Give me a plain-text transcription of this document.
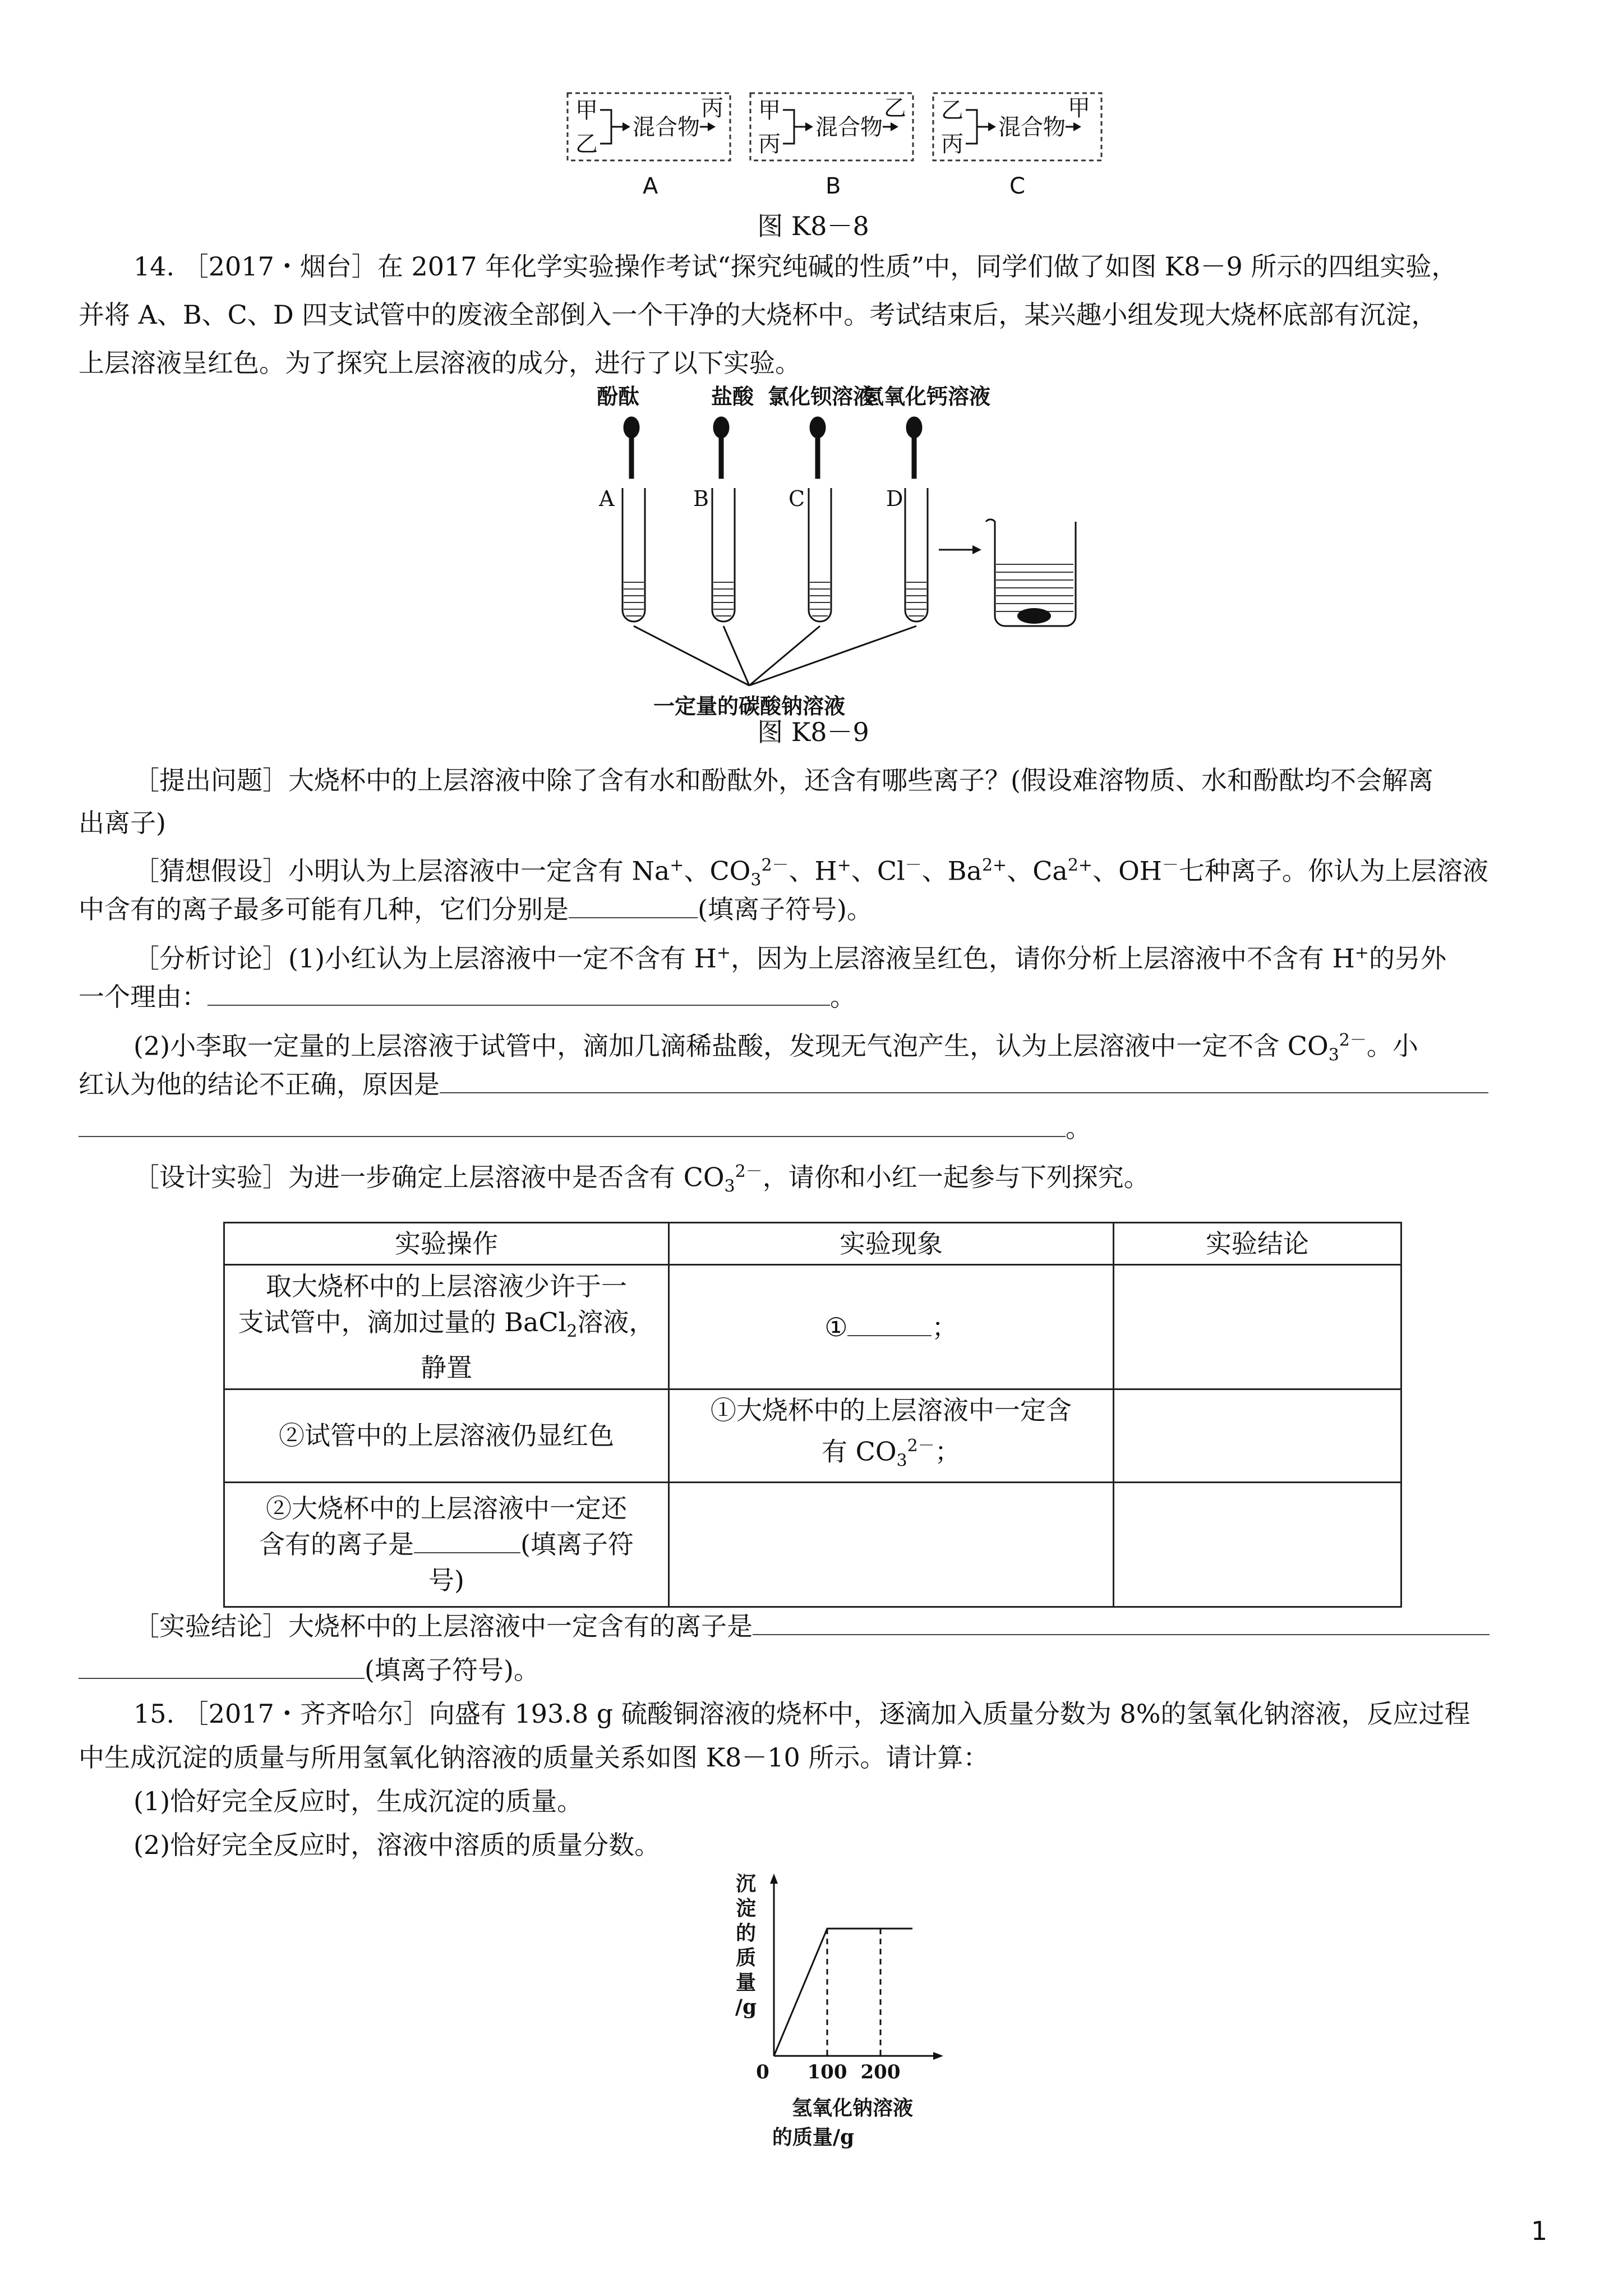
甲
乙
混合物
丙
A
甲
丙
混合物
乙
B
乙
丙
混合物
甲
C
图 K8－8
14. ［2017・烟台］在 2017 年化学实验操作考试“探究纯碱的性质”中，同学们做了如图 K8－9 所示的四组实验，
并将 A、B、C、D 四支试管中的废液全部倒入一个干净的大烧杯中。考试结束后，某兴趣小组发现大烧杯底部有沉淀，
上层溶液呈红色。为了探究上层溶液的成分，进行了以下实验。
酚酞	盐酸 氯化钡溶液
氢氧化钙溶液
A	B	C	D
一定量的碳酸钠溶液
图 K8－9
［提出问题］大烧杯中的上层溶液中除了含有水和酚酞外，还含有哪些离子？(假设难溶物质、水和酚酞均不会解离
出离子)
［猜想假设］小明认为上层溶液中一定含有 Na+、$CO_3^{2-}$、H+、Cl－、$Ba^{2+}$、$Ca^{2+}$、OH－七种离子。你认为上层溶液
中含有的离子最多可能有几种，它们分别是	(填离子符号)。
［分析讨论］(1)小红认为上层溶液中一定不含有 H+，因为上层溶液呈红色，请你分析上层溶液中不含有 H+的另外
一个理由：	。
(2)小李取一定量的上层溶液于试管中，滴加几滴稀盐酸，发现无气泡产生，认为上层溶液中一定不含 $CO_3^{2-}$。小
红认为他的结论不正确，原因是
。
［设计实验］为进一步确定上层溶液中是否含有 $CO_3^{2-}$，请你和小红一起参与下列探究。
实验操作	实验现象	实验结论

取大烧杯中的上层溶液少许于一
支试管中，滴加过量的 BaCl$_2$溶液，
静置	① ；	
②试管中的上层溶液仍显红色	①大烧杯中的上层溶液中一定含
有 $CO_3^{2-}$；	

②大烧杯中的上层溶液中一定还
含有的离子是 (填离子符
号)		

［实验结论］大烧杯中的上层溶液中一定含有的离子是
(填离子符号)。
15. ［2017・齐齐哈尔］向盛有 193.8 g 硫酸铜溶液的烧杯中，逐滴加入质量分数为 8%的氢氧化钠溶液，反应过程
中生成沉淀的质量与所用氢氧化钠溶液的质量关系如图 K8－10 所示。请计算：
(1)恰好完全反应时，生成沉淀的质量。
(2)恰好完全反应时，溶液中溶质的质量分数。
沉
淀
的
质
量
/g
0 100 200
氢氧化钠溶液
的质量/g
1
